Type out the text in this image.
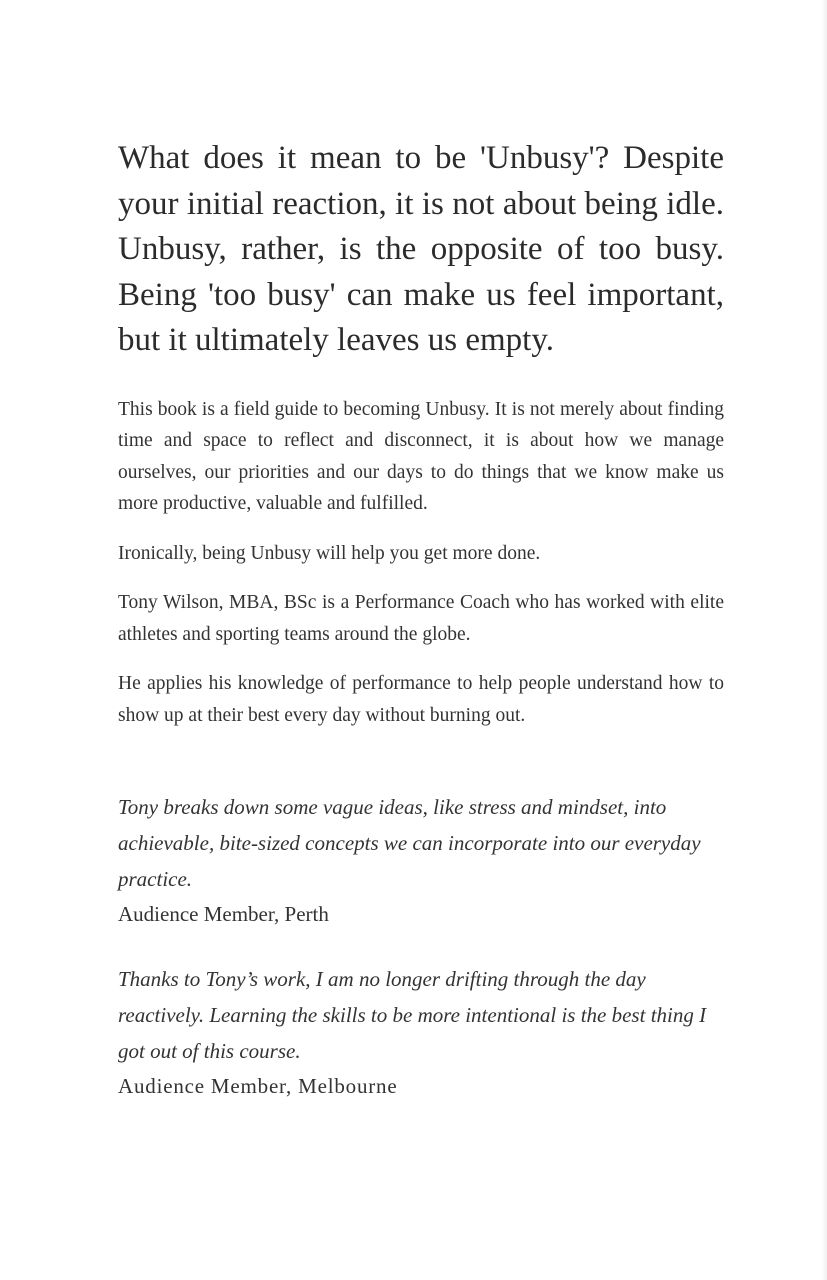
What does it mean to be 'Unbusy'? Despite your initial reaction, it is not about being idle. Unbusy, rather, is the opposite of too busy. Being 'too busy' can make us feel important, but it ultimately leaves us empty.

This book is a field guide to becoming Unbusy. It is not merely about finding time and space to reflect and disconnect, it is about how we manage ourselves, our priorities and our days to do things that we know make us more productive, valuable and fulfilled.

Ironically, being Unbusy will help you get more done.

Tony Wilson, MBA, BSc is a Performance Coach who has worked with elite athletes and sporting teams around the globe.

He applies his knowledge of performance to help people understand how to show up at their best every day without burning out.

Tony breaks down some vague ideas, like stress and mindset, into achievable, bite-sized concepts we can incorporate into our everyday practice.

Audience Member, Perth

Thanks to Tony’s work, I am no longer drifting through the day reactively. Learning the skills to be more intentional is the best thing I got out of this course.

Audience Member, Melbourne
